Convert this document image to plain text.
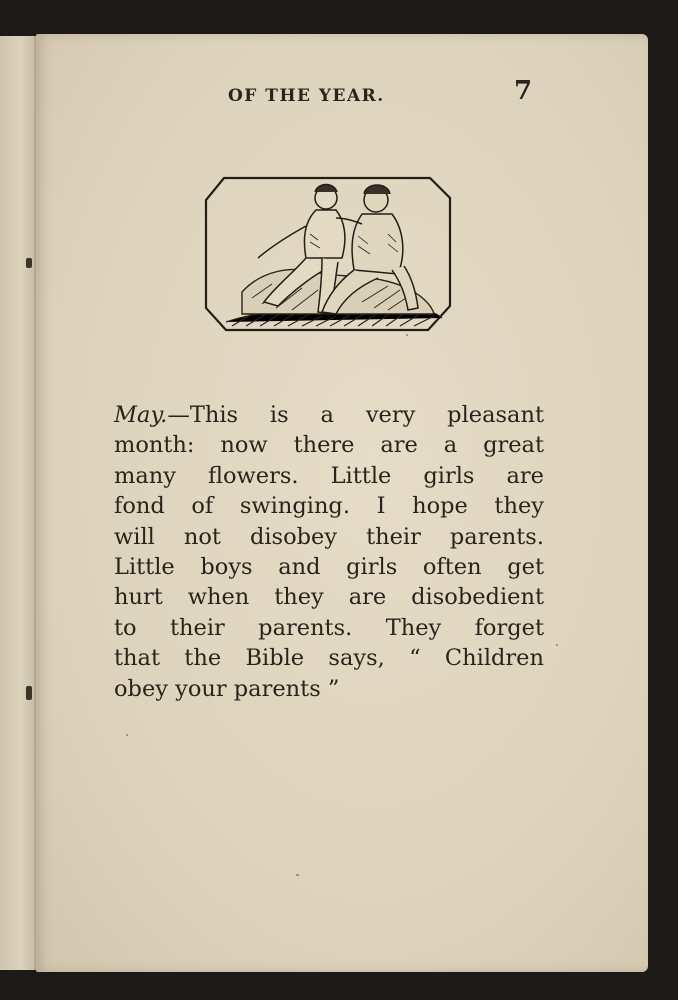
OF THE YEAR.	7
May.—This is a very pleasant
month: now there are a great
many flowers. Little girls are
fond of swinging. I hope they
will not disobey their parents.
Little boys and girls often get
hurt when they are disobedient
to their parents. They forget
that the Bible says, “ Children
obey your parents ”
